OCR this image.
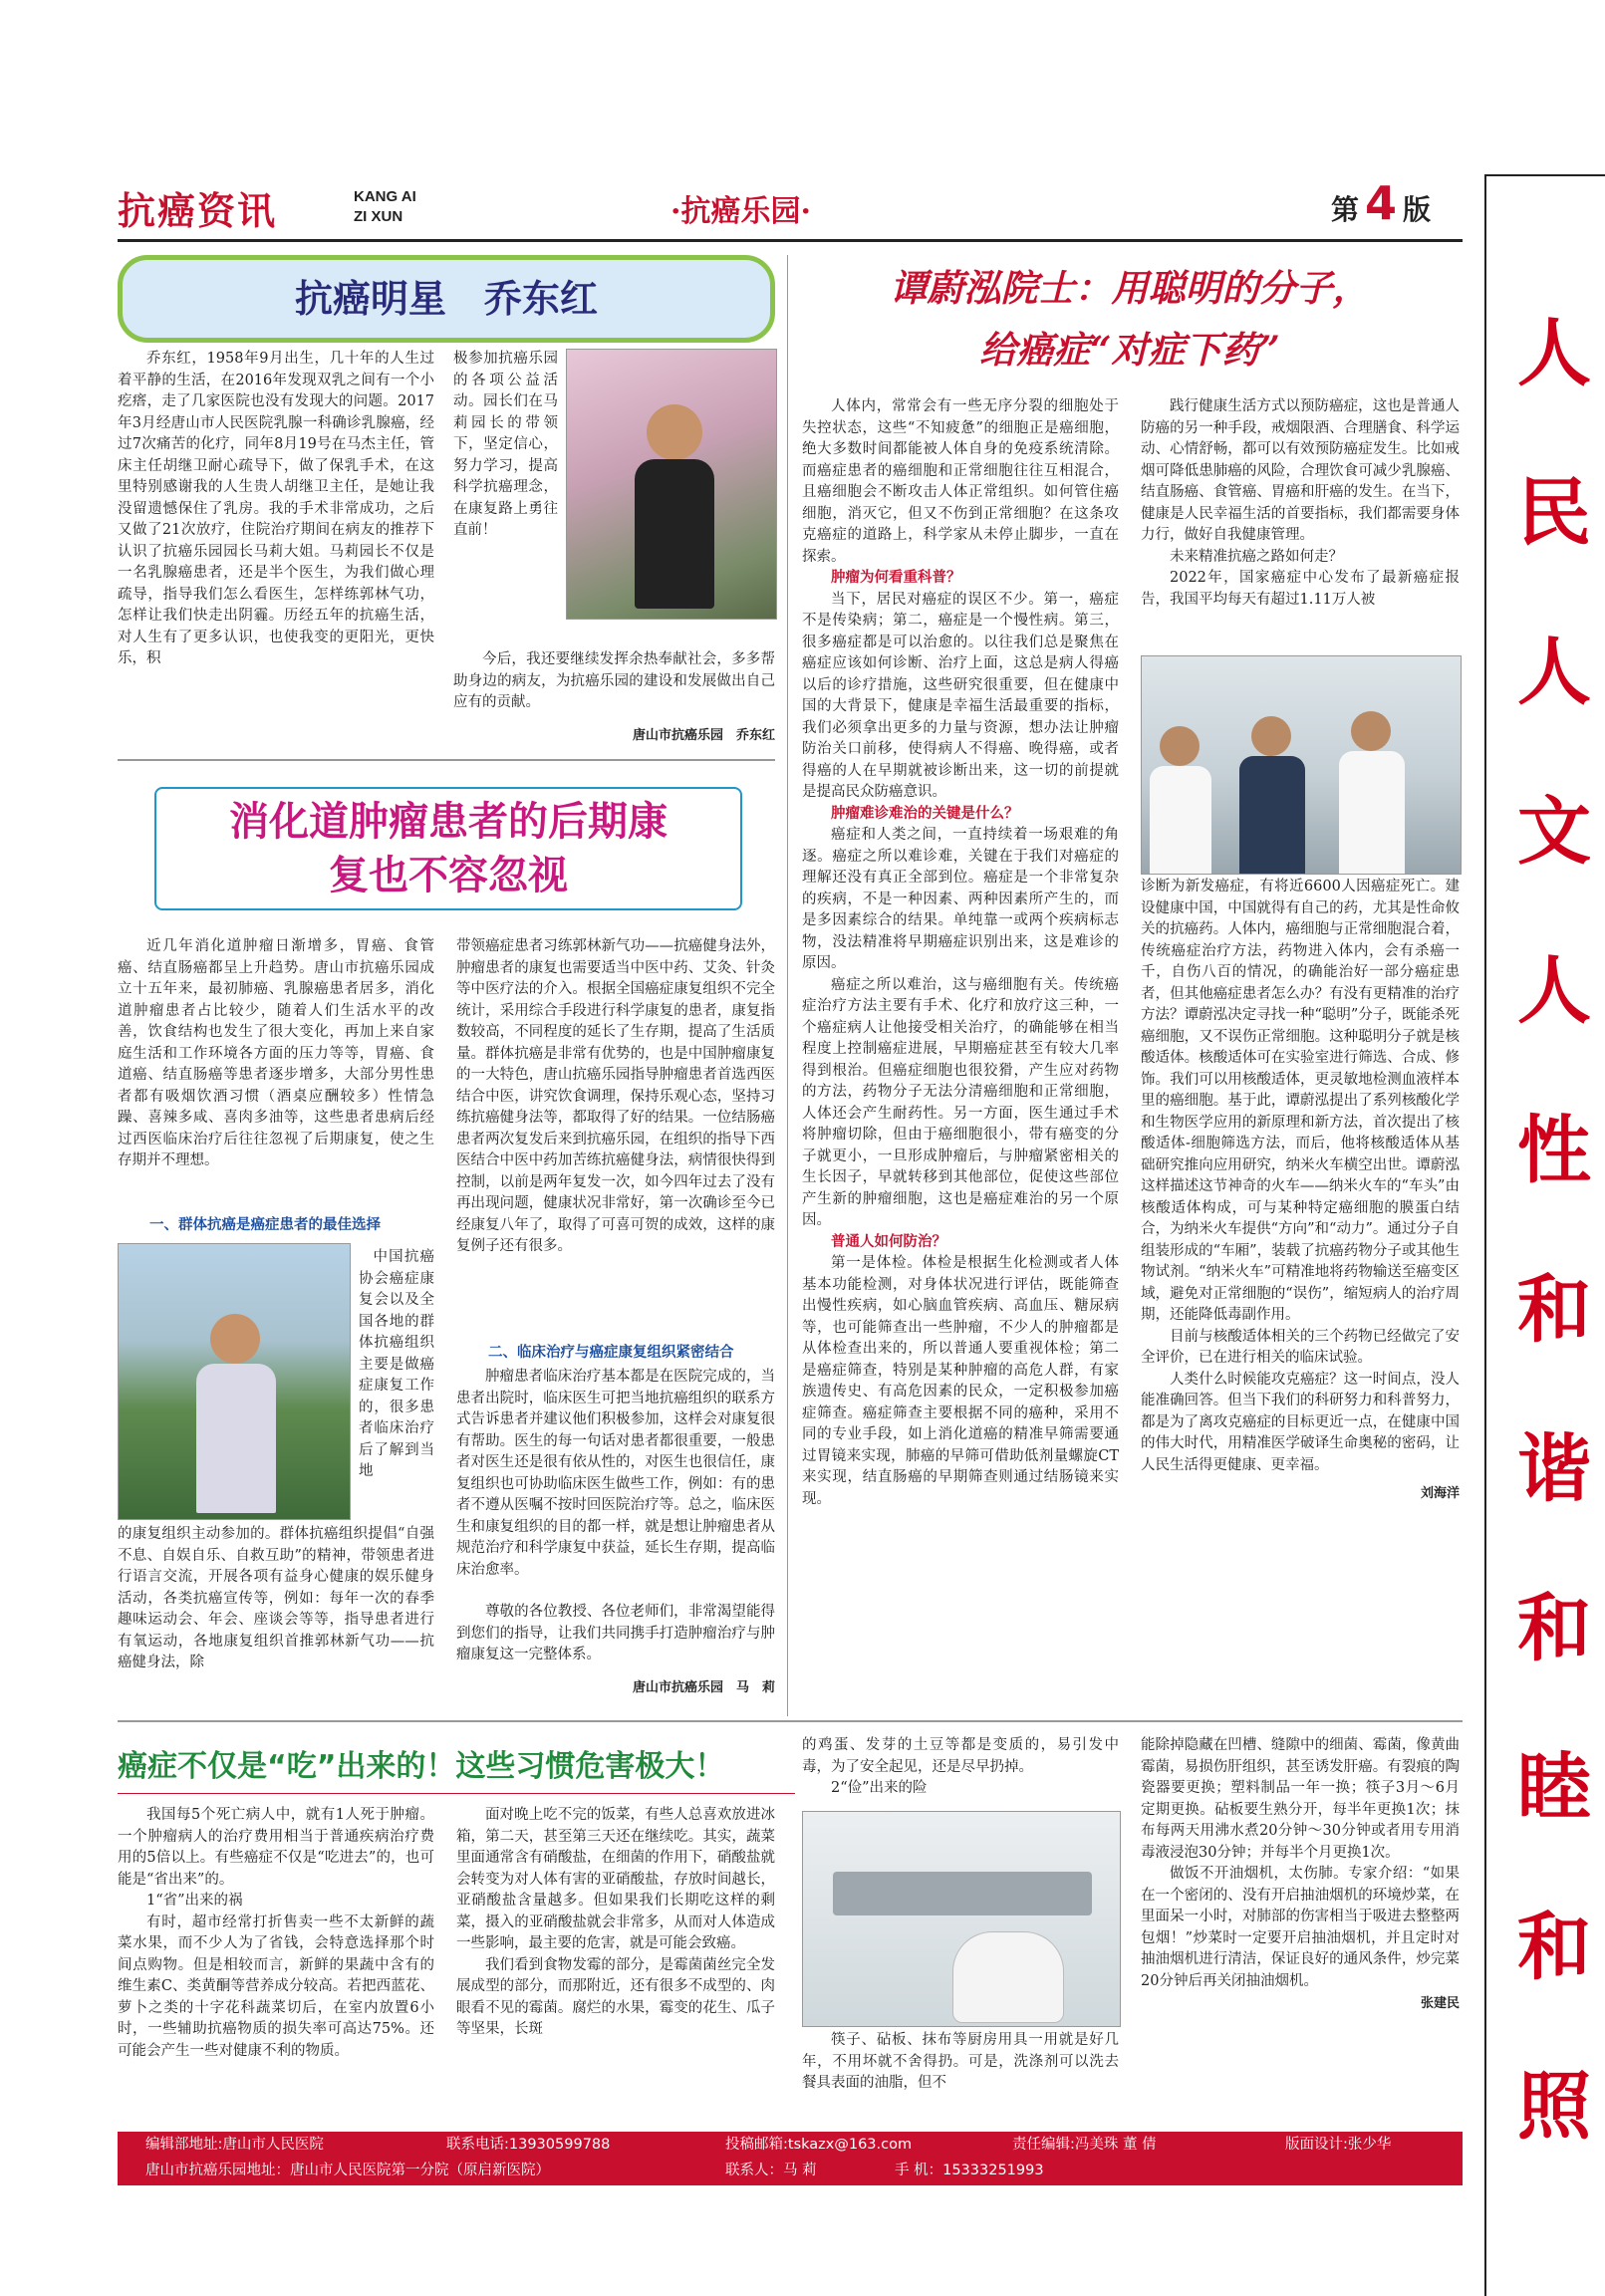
抗癌资讯	KANG AI
ZI XUN	·抗癌乐园·	第 4 版
人
民
人
文
人
性
和
谐
和
睦
和
照
抗癌明星　乔东红
乔东红，1958年9月出生，几十年的人生过着平静的生活，在2016年发现双乳之间有一个小疙瘩，走了几家医院也没有发现大的问题。2017年3月经唐山市人民医院乳腺一科确诊乳腺癌，经过7次痛苦的化疗，同年8月19号在马杰主任，管床主任胡继卫耐心疏导下，做了保乳手术，在这里特别感谢我的人生贵人胡继卫主任，是她让我没留遗憾保住了乳房。我的手术非常成功，之后又做了21次放疗，住院治疗期间在病友的推荐下认识了抗癌乐园园长马莉大姐。马莉园长不仅是一名乳腺癌患者，还是半个医生，为我们做心理疏导，指导我们怎么看医生，怎样练郭林气功，怎样让我们快走出阴霾。历经五年的抗癌生活，对人生有了更多认识，也使我变的更阳光，更快乐，积
极参加抗癌乐园的各项公益活动。园长们在马莉园长的带领下，坚定信心，努力学习，提高科学抗癌理念，在康复路上勇往直前！
今后，我还要继续发挥余热奉献社会，多多帮助身边的病友，为抗癌乐园的建设和发展做出自己应有的贡献。
唐山市抗癌乐园　乔东红
消化道肿瘤患者的后期康
复也不容忽视
近几年消化道肿瘤日渐增多，胃癌、食管癌、结直肠癌都呈上升趋势。唐山市抗癌乐园成立十五年来，最初肺癌、乳腺癌患者居多，消化道肿瘤患者占比较少，随着人们生活水平的改善，饮食结构也发生了很大变化，再加上来自家庭生活和工作环境各方面的压力等等，胃癌、食道癌、结直肠癌等患者逐步增多，大部分男性患者都有吸烟饮酒习惯（酒桌应酬较多）性情急躁、喜辣多咸、喜肉多油等，这些患者患病后经过西医临床治疗后往往忽视了后期康复，使之生存期并不理想。
一、群体抗癌是癌症患者的最佳选择
中国抗癌协会癌症康复会以及全国各地的群体抗癌组织主要是做癌症康复工作的，很多患者临床治疗后了解到当地
的康复组织主动参加的。群体抗癌组织提倡“自强不息、自娱自乐、自救互助”的精神，带领患者进行语言交流，开展各项有益身心健康的娱乐健身活动，各类抗癌宣传等，例如：每年一次的春季趣味运动会、年会、座谈会等等，指导患者进行有氧运动，各地康复组织首推郭林新气功——抗癌健身法，除
带领癌症患者习练郭林新气功——抗癌健身法外，肿瘤患者的康复也需要适当中医中药、艾灸、针灸等中医疗法的介入。根据全国癌症康复组织不完全统计，采用综合手段进行科学康复的患者，康复指数较高，不同程度的延长了生存期，提高了生活质量。群体抗癌是非常有优势的，也是中国肿瘤康复的一大特色，唐山抗癌乐园指导肿瘤患者首选西医结合中医，讲究饮食调理，保持乐观心态，坚持习练抗癌健身法等，都取得了好的结果。一位结肠癌患者两次复发后来到抗癌乐园，在组织的指导下西医结合中医中药加苦练抗癌健身法，病情很快得到控制，以前是两年复发一次，如今四年过去了没有再出现问题，健康状况非常好，第一次确诊至今已经康复八年了，取得了可喜可贺的成效，这样的康复例子还有很多。
二、临床治疗与癌症康复组织紧密结合
肿瘤患者临床治疗基本都是在医院完成的，当患者出院时，临床医生可把当地抗癌组织的联系方式告诉患者并建议他们积极参加，这样会对康复很有帮助。医生的每一句话对患者都很重要，一般患者对医生还是很有依从性的，对医生也很信任，康复组织也可协助临床医生做些工作，例如：有的患者不遵从医嘱不按时回医院治疗等。总之，临床医生和康复组织的目的都一样，就是想让肿瘤患者从规范治疗和科学康复中获益，延长生存期，提高临床治愈率。
尊敬的各位教授、各位老师们，非常渴望能得到您们的指导，让我们共同携手打造肿瘤治疗与肿瘤康复这一完整体系。
唐山市抗癌乐园　马　莉
谭蔚泓院士：用聪明的分子，
给癌症“对症下药”
人体内，常常会有一些无序分裂的细胞处于失控状态，这些“不知疲惫”的细胞正是癌细胞，绝大多数时间都能被人体自身的免疫系统清除。而癌症患者的癌细胞和正常细胞往往互相混合，且癌细胞会不断攻击人体正常组织。如何管住癌细胞，消灭它，但又不伤到正常细胞？在这条攻克癌症的道路上，科学家从未停止脚步，一直在探索。
肿瘤为何看重科普？
当下，居民对癌症的误区不少。第一，癌症不是传染病；第二，癌症是一个慢性病。第三，很多癌症都是可以治愈的。以往我们总是聚焦在癌症应该如何诊断、治疗上面，这总是病人得癌以后的诊疗措施，这些研究很重要，但在健康中国的大背景下，健康是幸福生活最重要的指标，我们必须拿出更多的力量与资源，想办法让肿瘤防治关口前移，使得病人不得癌、晚得癌，或者得癌的人在早期就被诊断出来，这一切的前提就是提高民众防癌意识。
肿瘤难诊难治的关键是什么？
癌症和人类之间，一直持续着一场艰难的角逐。癌症之所以难诊难，关键在于我们对癌症的理解还没有真正全部到位。癌症是一个非常复杂的疾病，不是一种因素、两种因素所产生的，而是多因素综合的结果。单纯靠一或两个疾病标志物，没法精准将早期癌症识别出来，这是难诊的原因。
癌症之所以难治，这与癌细胞有关。传统癌症治疗方法主要有手术、化疗和放疗这三种，一个癌症病人让他接受相关治疗，的确能够在相当程度上控制癌症进展，早期癌症甚至有较大几率得到根治。但癌症细胞也很狡猾，产生应对药物的方法，药物分子无法分清癌细胞和正常细胞，人体还会产生耐药性。另一方面，医生通过手术将肿瘤切除，但由于癌细胞很小，带有癌变的分子就更小，一旦形成肿瘤后，与肿瘤紧密相关的生长因子，早就转移到其他部位，促使这些部位产生新的肿瘤细胞，这也是癌症难治的另一个原因。
普通人如何防治？
第一是体检。体检是根据生化检测或者人体基本功能检测，对身体状况进行评估，既能筛查出慢性疾病，如心脑血管疾病、高血压、糖尿病等，也可能筛查出一些肿瘤，不少人的肿瘤都是从体检查出来的，所以普通人要重视体检；第二是癌症筛查，特别是某种肿瘤的高危人群，有家族遗传史、有高危因素的民众，一定积极参加癌症筛查。癌症筛查主要根据不同的癌种，采用不同的专业手段，如上消化道癌的精准早筛需要通过胃镜来实现，肺癌的早筛可借助低剂量螺旋CT来实现，结直肠癌的早期筛查则通过结肠镜来实现。
践行健康生活方式以预防癌症，这也是普通人防癌的另一种手段，戒烟限酒、合理膳食、科学运动、心情舒畅，都可以有效预防癌症发生。比如戒烟可降低患肺癌的风险，合理饮食可减少乳腺癌、结直肠癌、食管癌、胃癌和肝癌的发生。在当下，健康是人民幸福生活的首要指标，我们都需要身体力行，做好自我健康管理。
未来精准抗癌之路如何走？
2022年，国家癌症中心发布了最新癌症报告，我国平均每天有超过1.11万人被
诊断为新发癌症，有将近6600人因癌症死亡。建设健康中国，中国就得有自己的药，尤其是性命攸关的抗癌药。人体内，癌细胞与正常细胞混合着，传统癌症治疗方法，药物进入体内，会有杀癌一千，自伤八百的情况，的确能治好一部分癌症患者，但其他癌症患者怎么办？有没有更精准的治疗方法？谭蔚泓决定寻找一种“聪明”分子，既能杀死癌细胞，又不误伤正常细胞。这种聪明分子就是核酸适体。核酸适体可在实验室进行筛选、合成、修饰。我们可以用核酸适体，更灵敏地检测血液样本里的癌细胞。基于此，谭蔚泓提出了系列核酸化学和生物医学应用的新原理和新方法，首次提出了核酸适体-细胞筛选方法，而后，他将核酸适体从基础研究推向应用研究，纳米火车横空出世。谭蔚泓这样描述这节神奇的火车——纳米火车的“车头”由核酸适体构成，可与某种特定癌细胞的膜蛋白结合，为纳米火车提供“方向”和“动力”。通过分子自组装形成的“车厢”，装载了抗癌药物分子或其他生物试剂。“纳米火车”可精准地将药物输送至癌变区域，避免对正常细胞的“误伤”，缩短病人的治疗周期，还能降低毒副作用。
目前与核酸适体相关的三个药物已经做完了安全评价，已在进行相关的临床试验。
人类什么时候能攻克癌症？这一时间点，没人能准确回答。但当下我们的科研努力和科普努力，都是为了离攻克癌症的目标更近一点，在健康中国的伟大时代，用精准医学破译生命奥秘的密码，让人民生活得更健康、更幸福。
刘海洋
癌症不仅是“吃”出来的！这些习惯危害极大！
我国每5个死亡病人中，就有1人死于肿瘤。一个肿瘤病人的治疗费用相当于普通疾病治疗费用的5倍以上。有些癌症不仅是“吃进去”的，也可能是“省出来”的。
1“省”出来的祸
有时，超市经常打折售卖一些不太新鲜的蔬菜水果，而不少人为了省钱，会特意选择那个时间点购物。但是相较而言，新鲜的果蔬中含有的维生素C、类黄酮等营养成分较高。若把西蓝花、萝卜之类的十字花科蔬菜切后，在室内放置6小时，一些辅助抗癌物质的损失率可高达75%。还可能会产生一些对健康不利的物质。
面对晚上吃不完的饭菜，有些人总喜欢放进冰箱，第二天，甚至第三天还在继续吃。其实，蔬菜里面通常含有硝酸盐，在细菌的作用下，硝酸盐就会转变为对人体有害的亚硝酸盐，存放时间越长，亚硝酸盐含量越多。但如果我们长期吃这样的剩菜，摄入的亚硝酸盐就会非常多，从而对人体造成一些影响，最主要的危害，就是可能会致癌。
我们看到食物发霉的部分，是霉菌菌丝完全发展成型的部分，而那附近，还有很多不成型的、肉眼看不见的霉菌。腐烂的水果，霉变的花生、瓜子等坚果，长斑
的鸡蛋、发芽的土豆等都是变质的，易引发中毒，为了安全起见，还是尽早扔掉。
2“俭”出来的险
筷子、砧板、抹布等厨房用具一用就是好几年，不用坏就不舍得扔。可是，洗涤剂可以洗去餐具表面的油脂，但不
能除掉隐藏在凹槽、缝隙中的细菌、霉菌，像黄曲霉菌，易损伤肝组织，甚至诱发肝癌。有裂痕的陶瓷器要更换；塑料制品一年一换；筷子3月～6月定期更换。砧板要生熟分开，每半年更换1次；抹布每两天用沸水煮20分钟～30分钟或者用专用消毒液浸泡30分钟；并每半个月更换1次。
做饭不开油烟机，太伤肺。专家介绍：“如果在一个密闭的、没有开启抽油烟机的环境炒菜，在里面呆一小时，对肺部的伤害相当于吸进去整整两包烟！”炒菜时一定要开启抽油烟机，并且定时对抽油烟机进行清洁，保证良好的通风条件，炒完菜20分钟后再关闭抽油烟机。
张建民
编辑部地址:唐山市人民医院	联系电话:13930599788	投稿邮箱:tskazx@163.com	责任编辑:冯美珠 董 倩	版面设计:张少华
唐山市抗癌乐园地址：唐山市人民医院第一分院（原启新医院）	联系人：马 莉	手 机：15333251993
